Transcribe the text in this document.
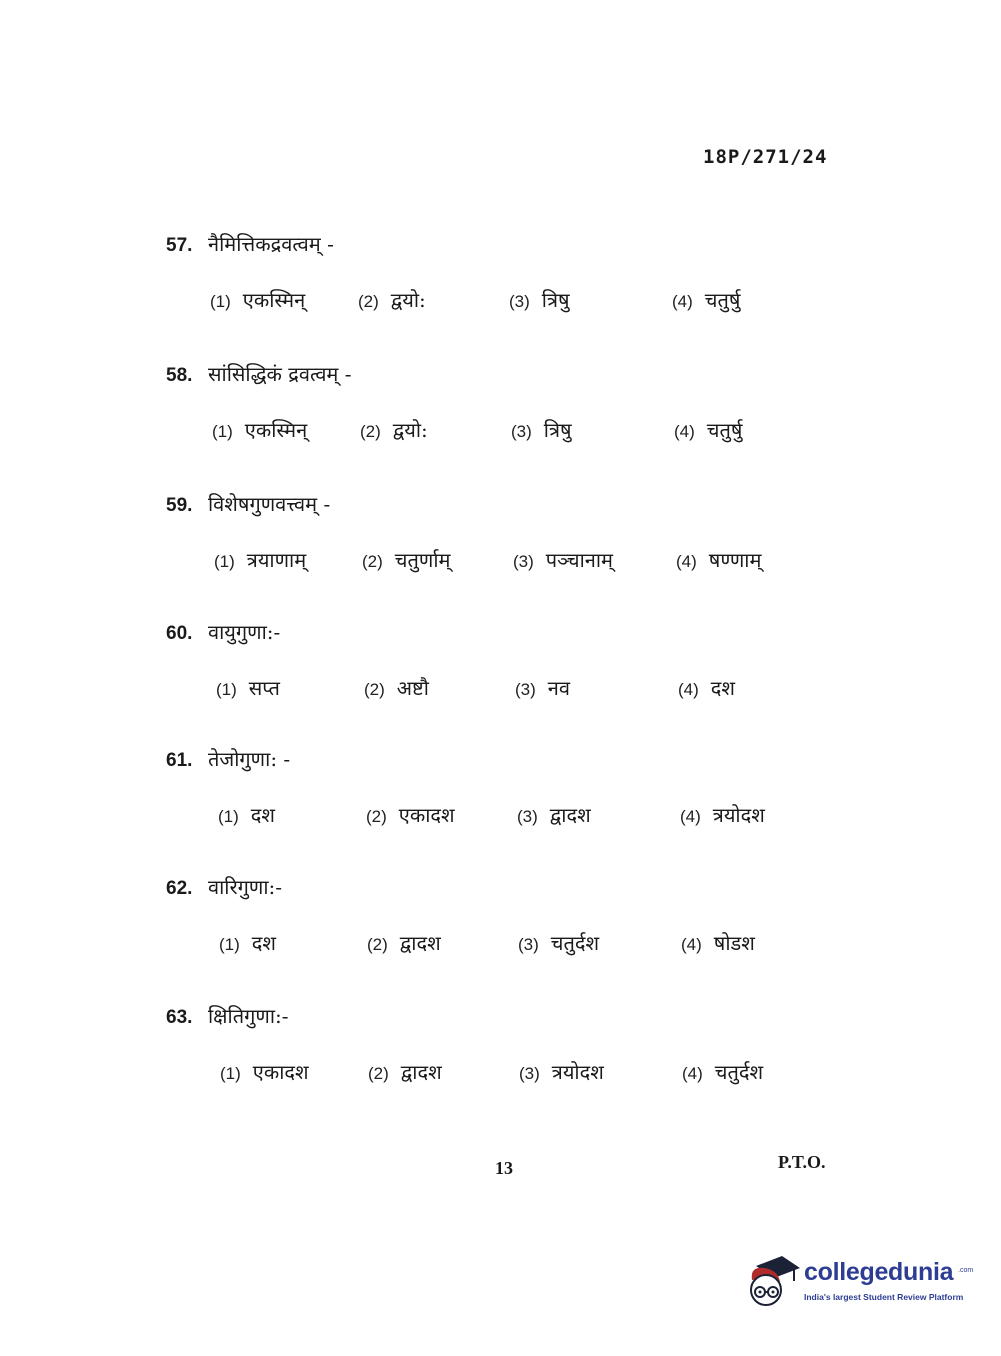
18P/271/24
57. नैमित्तिकद्रवत्वम् -
(1) एकस्मिन्	(2) द्वयो:	(3) त्रिषु	(4) चतुर्षु
58. सांसिद्धिकं द्रवत्वम् -
(1) एकस्मिन्	(2) द्वयो:	(3) त्रिषु	(4) चतुर्षु
59. विशेषगुणवत्त्वम् -
(1) त्रयाणाम्	(2) चतुर्णाम्	(3) पञ्चानाम्	(4) षण्णाम्
60. वायुगुणा:-
(1) सप्त	(2) अष्टौ	(3) नव	(4) दश
61. तेजोगुणा: -
(1) दश	(2) एकादश	(3) द्वादश	(4) त्रयोदश
62. वारिगुणा:-
(1) दश	(2) द्वादश	(3) चतुर्दश	(4) षोडश
63. क्षितिगुणा:-
(1) एकादश	(2) द्वादश	(3) त्रयोदश	(4) चतुर्दश
13	P.T.O.
collegedunia .com
India's largest Student Review Platform
